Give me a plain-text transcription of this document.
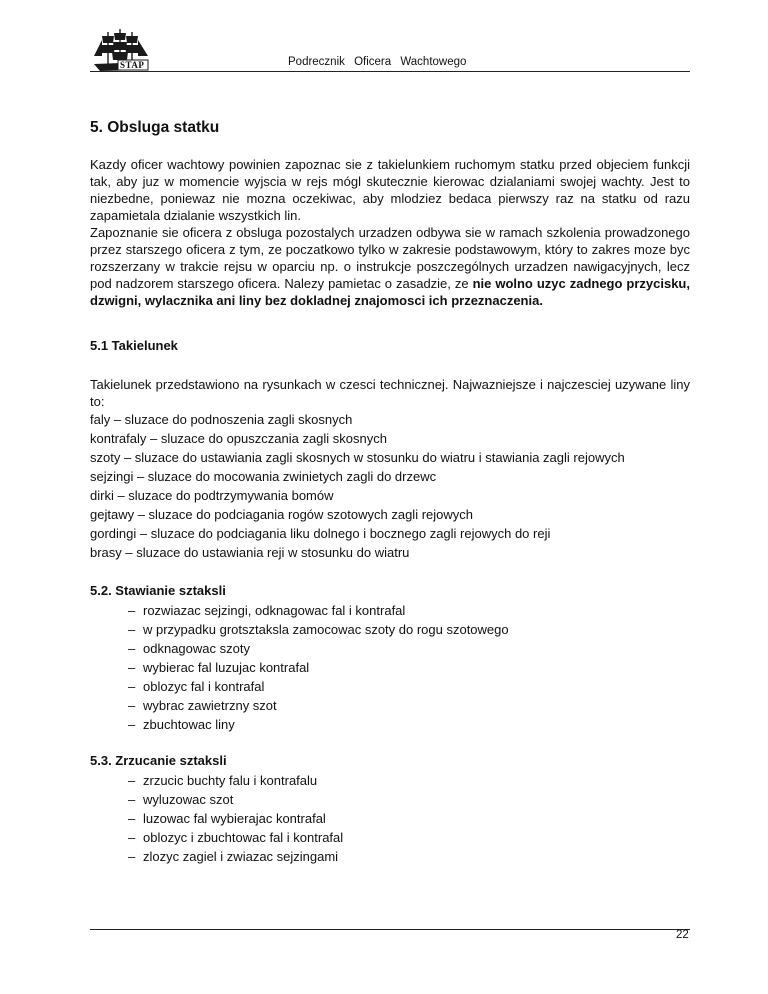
STAP	Podrecznik Oficera Wachtowego

5. Obsluga statku

Kazdy oficer wachtowy powinien zapoznac sie z takielunkiem ruchomym statku przed objeciem funkcji tak, aby juz w momencie wyjscia w rejs mógl skutecznie kierowac dzialaniami swojej wachty. Jest to niezbedne, poniewaz nie mozna oczekiwac, aby mlodziez bedaca pierwszy raz na statku od razu zapamietala dzialanie wszystkich lin.

Zapoznanie sie oficera z obsluga pozostalych urzadzen odbywa sie w ramach szkolenia prowadzonego przez starszego oficera z tym, ze poczatkowo tylko w zakresie podstawowym, który to zakres moze byc rozszerzany w trakcie rejsu w oparciu np. o instrukcje poszczególnych urzadzen nawigacyjnych, lecz pod nadzorem starszego oficera. Nalezy pamietac o zasadzie, ze nie wolno uzyc zadnego przycisku, dzwigni, wylacznika ani liny bez dokladnej znajomosci ich przeznaczenia.

5.1 Takielunek

Takielunek przedstawiono na rysunkach w czesci technicznej. Najwazniejsze i najczesciej uzywane liny to:

faly – sluzace do podnoszenia zagli skosnych

kontrafaly – sluzace do opuszczania zagli skosnych

szoty – sluzace do ustawiania zagli skosnych w stosunku do wiatru i stawiania zagli rejowych

sejzingi – sluzace do mocowania zwinietych zagli do drzewc

dirki – sluzace do podtrzymywania bomów

gejtawy – sluzace do podciagania rogów szotowych zagli rejowych

gordingi – sluzace do podciagania liku dolnego i bocznego zagli rejowych do reji

brasy – sluzace do ustawiania reji w stosunku do wiatru

5.2. Stawianie sztaksli

– rozwiazac sejzingi, odknagowac fal i kontrafal
– w przypadku grotsztaksla zamocowac szoty do rogu szotowego
– odknagowac szoty
– wybierac fal luzujac kontrafal
– oblozyc fal i kontrafal
– wybrac zawietrzny szot
– zbuchtowac liny

5.3. Zrzucanie sztaksli

– zrzucic buchty falu i kontrafalu
– wyluzowac szot
– luzowac fal wybierajac kontrafal
– oblozyc i zbuchtowac fal i kontrafal
– zlozyc zagiel i zwiazac sejzingami
22
